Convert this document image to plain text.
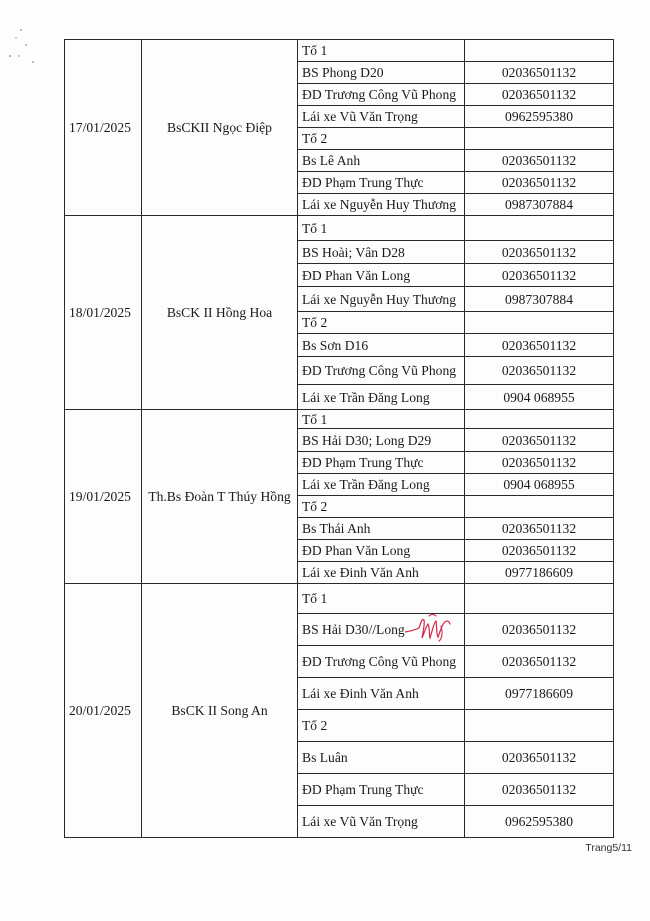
17/01/2025	BsCKII Ngọc Điệp	Tổ 1	
		BS Phong D20	02036501132
		ĐD Trương Công Vũ Phong	02036501132
		Lái xe Vũ Văn Trọng	0962595380
		Tổ 2	
		Bs Lê Anh	02036501132
		ĐD Phạm Trung Thực	02036501132
		Lái xe Nguyễn Huy Thương	0987307884
18/01/2025	BsCK II Hồng Hoa	Tổ 1	
		BS Hoài; Vân D28	02036501132
		ĐD Phan Văn Long	02036501132
		Lái xe Nguyễn Huy Thương	0987307884
		Tổ 2	
		Bs Sơn D16	02036501132
		ĐD Trương Công Vũ Phong	02036501132
		Lái xe Trần Đăng Long	0904 068955
19/01/2025	Th.Bs Đoàn T Thúy Hồng	Tổ 1	
		BS Hải D30; Long D29	02036501132
		ĐD Phạm Trung Thực	02036501132
		Lái xe Trần Đăng Long	0904 068955
		Tổ 2	
		Bs Thái Anh	02036501132
		ĐD Phan Văn Long	02036501132
		Lái xe Đinh Văn Anh	0977186609
20/01/2025	BsCK II Song An	Tổ 1	
		BS Hải D30//Long	02036501132
		ĐD Trương Công Vũ Phong	02036501132
		Lái xe Đinh Văn Anh	0977186609
		Tổ 2	
		Bs Luân	02036501132
		ĐD Phạm Trung Thực	02036501132
		Lái xe Vũ Văn Trọng	0962595380
Trang5/11
